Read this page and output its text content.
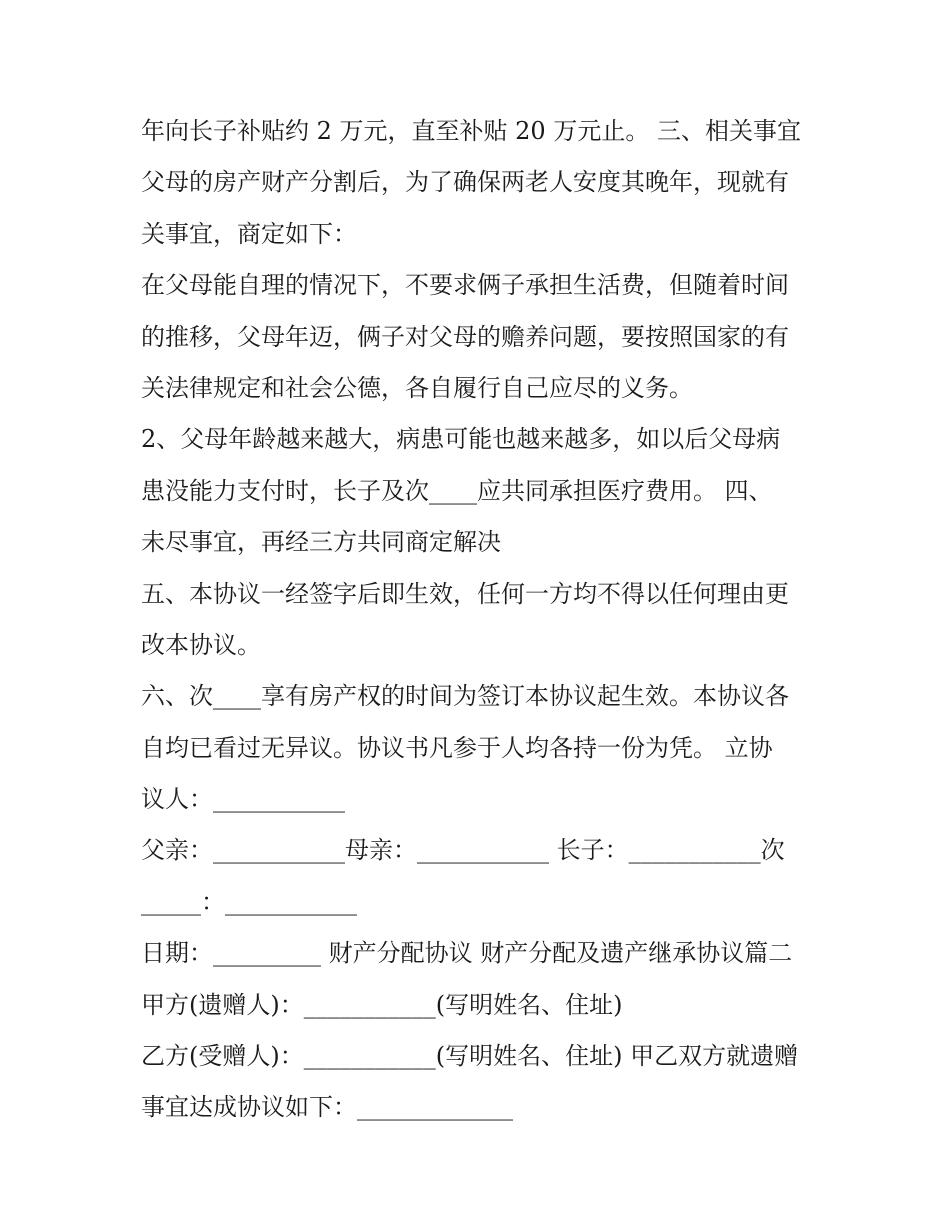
年向长子补贴约 2 万元，直至补贴 20 万元止。 三、相关事宜
父母的房产财产分割后，为了确保两老人安度其晚年，现就有
关事宜，商定如下：
在父母能自理的情况下，不要求俩子承担生活费，但随着时间
的推移，父母年迈，俩子对父母的赡养问题，要按照国家的有
关法律规定和社会公德，各自履行自己应尽的义务。
2、父母年龄越来越大，病患可能也越来越多，如以后父母病
患没能力支付时，长子及次____应共同承担医疗费用。 四、
未尽事宜，再经三方共同商定解决
五、本协议一经签字后即生效，任何一方均不得以任何理由更
改本协议。
六、次____享有房产权的时间为签订本协议起生效。本协议各
自均已看过无异议。协议书凡参于人均各持一份为凭。 立协
议人：___________
父亲：___________母亲：___________ 长子：___________次
_____：___________
日期：_________ 财产分配协议 财产分配及遗产继承协议篇二
甲方(遗赠人)：___________(写明姓名、住址)
乙方(受赠人)：___________(写明姓名、住址) 甲乙双方就遗赠
事宜达成协议如下：_____________
